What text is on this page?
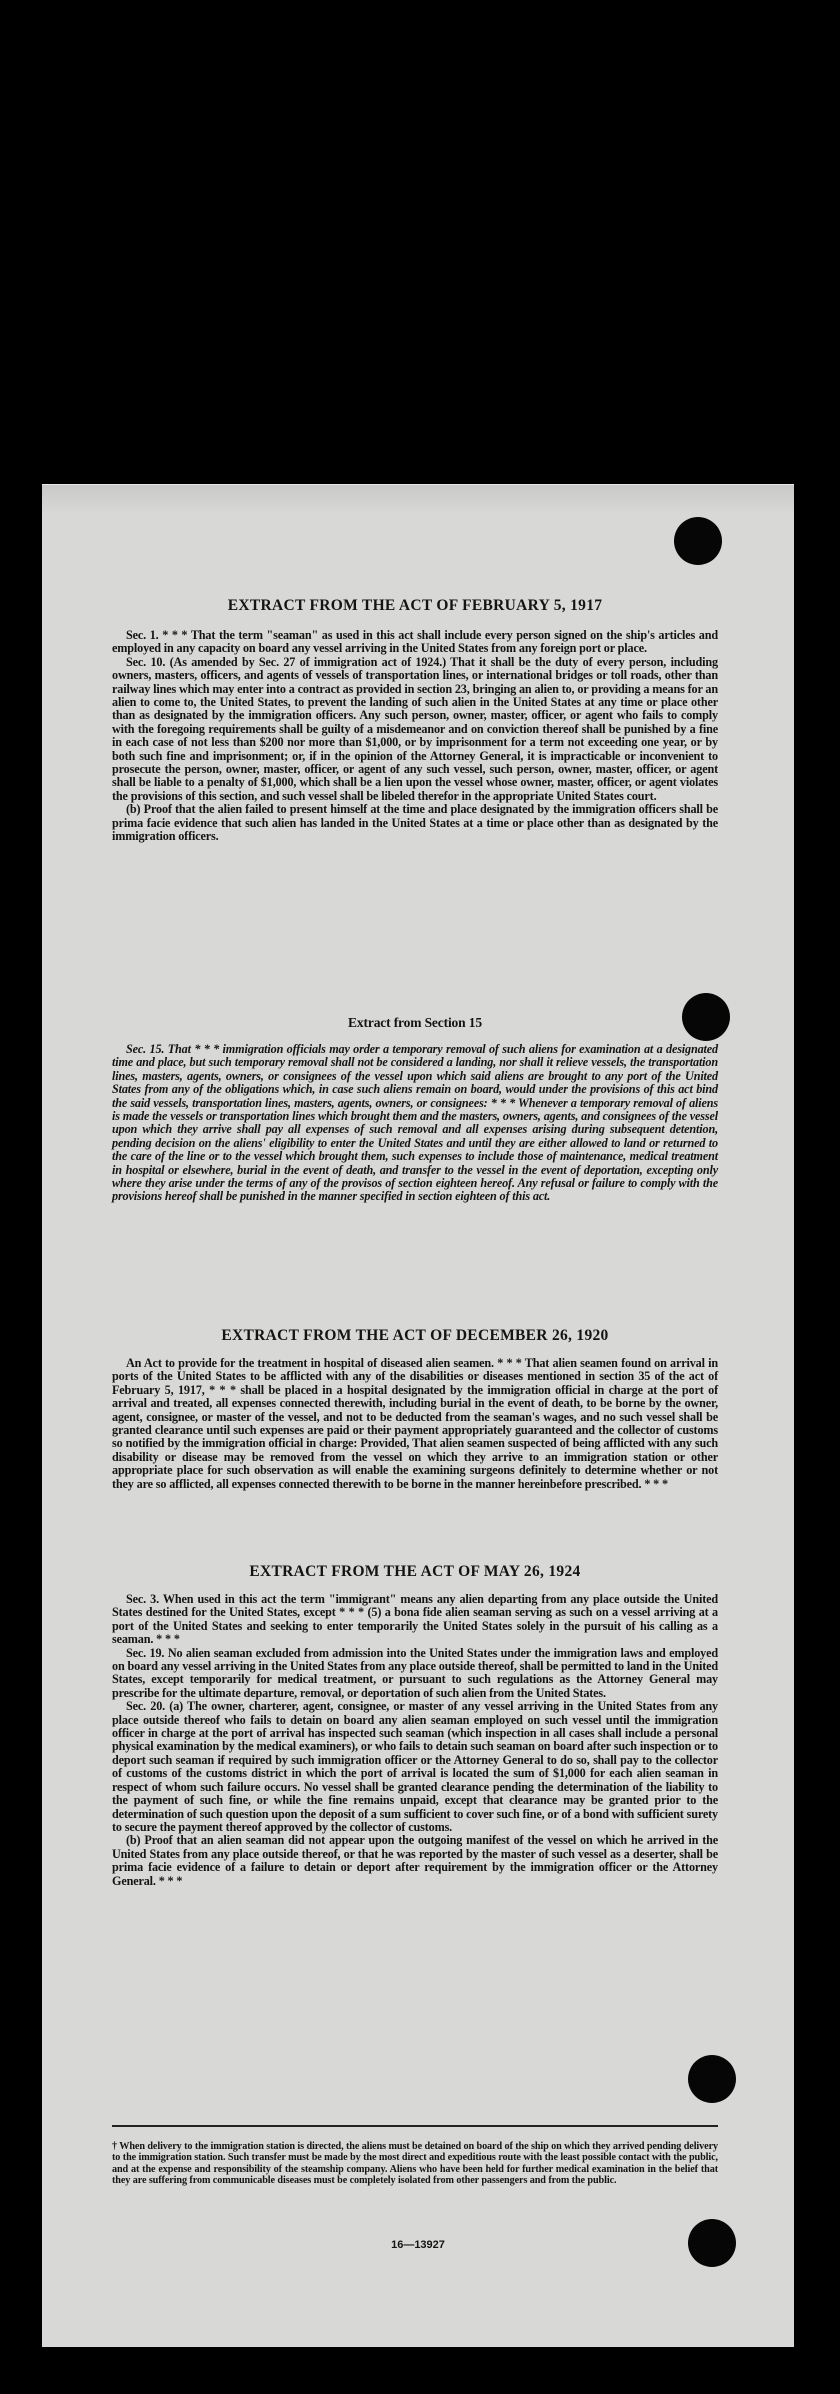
EXTRACT FROM THE ACT OF FEBRUARY 5, 1917

Sec. 1. * * * That the term "seaman" as used in this act shall include every person signed on the ship's articles and employed in any capacity on board any vessel arriving in the United States from any foreign port or place.

Sec. 10. (As amended by Sec. 27 of immigration act of 1924.) That it shall be the duty of every person, including owners, masters, officers, and agents of vessels of transportation lines, or international bridges or toll roads, other than railway lines which may enter into a contract as provided in section 23, bringing an alien to, or providing a means for an alien to come to, the United States, to prevent the landing of such alien in the United States at any time or place other than as designated by the immigration officers. Any such person, owner, master, officer, or agent who fails to comply with the foregoing requirements shall be guilty of a misdemeanor and on conviction thereof shall be punished by a fine in each case of not less than $200 nor more than $1,000, or by imprisonment for a term not exceeding one year, or by both such fine and imprisonment; or, if in the opinion of the Attorney General, it is impracticable or inconvenient to prosecute the person, owner, master, officer, or agent of any such vessel, such person, owner, master, officer, or agent shall be liable to a penalty of $1,000, which shall be a lien upon the vessel whose owner, master, officer, or agent violates the provisions of this section, and such vessel shall be libeled therefor in the appropriate United States court.

(b) Proof that the alien failed to present himself at the time and place designated by the immigration officers shall be prima facie evidence that such alien has landed in the United States at a time or place other than as designated by the immigration officers.

Extract from Section 15

Sec. 15. That * * * immigration officials may order a temporary removal of such aliens for examination at a designated time and place, but such temporary removal shall not be considered a landing, nor shall it relieve vessels, the transportation lines, masters, agents, owners, or consignees of the vessel upon which said aliens are brought to any port of the United States from any of the obligations which, in case such aliens remain on board, would under the provisions of this act bind the said vessels, transportation lines, masters, agents, owners, or consignees: * * * Whenever a temporary removal of aliens is made the vessels or transportation lines which brought them and the masters, owners, agents, and consignees of the vessel upon which they arrive shall pay all expenses of such removal and all expenses arising during subsequent detention, pending decision on the aliens' eligibility to enter the United States and until they are either allowed to land or returned to the care of the line or to the vessel which brought them, such expenses to include those of maintenance, medical treatment in hospital or elsewhere, burial in the event of death, and transfer to the vessel in the event of deportation, excepting only where they arise under the terms of any of the provisos of section eighteen hereof. Any refusal or failure to comply with the provisions hereof shall be punished in the manner specified in section eighteen of this act.

EXTRACT FROM THE ACT OF DECEMBER 26, 1920

An Act to provide for the treatment in hospital of diseased alien seamen. * * * That alien seamen found on arrival in ports of the United States to be afflicted with any of the disabilities or diseases mentioned in section 35 of the act of February 5, 1917, * * * shall be placed in a hospital designated by the immigration official in charge at the port of arrival and treated, all expenses connected therewith, including burial in the event of death, to be borne by the owner, agent, consignee, or master of the vessel, and not to be deducted from the seaman's wages, and no such vessel shall be granted clearance until such expenses are paid or their payment appropriately guaranteed and the collector of customs so notified by the immigration official in charge: Provided, That alien seamen suspected of being afflicted with any such disability or disease may be removed from the vessel on which they arrive to an immigration station or other appropriate place for such observation as will enable the examining surgeons definitely to determine whether or not they are so afflicted, all expenses connected therewith to be borne in the manner hereinbefore prescribed. * * *

EXTRACT FROM THE ACT OF MAY 26, 1924

Sec. 3. When used in this act the term "immigrant" means any alien departing from any place outside the United States destined for the United States, except * * * (5) a bona fide alien seaman serving as such on a vessel arriving at a port of the United States and seeking to enter temporarily the United States solely in the pursuit of his calling as a seaman. * * *

Sec. 19. No alien seaman excluded from admission into the United States under the immigration laws and employed on board any vessel arriving in the United States from any place outside thereof, shall be permitted to land in the United States, except temporarily for medical treatment, or pursuant to such regulations as the Attorney General may prescribe for the ultimate departure, removal, or deportation of such alien from the United States.

Sec. 20. (a) The owner, charterer, agent, consignee, or master of any vessel arriving in the United States from any place outside thereof who fails to detain on board any alien seaman employed on such vessel until the immigration officer in charge at the port of arrival has inspected such seaman (which inspection in all cases shall include a personal physical examination by the medical examiners), or who fails to detain such seaman on board after such inspection or to deport such seaman if required by such immigration officer or the Attorney General to do so, shall pay to the collector of customs of the customs district in which the port of arrival is located the sum of $1,000 for each alien seaman in respect of whom such failure occurs. No vessel shall be granted clearance pending the determination of the liability to the payment of such fine, or while the fine remains unpaid, except that clearance may be granted prior to the determination of such question upon the deposit of a sum sufficient to cover such fine, or of a bond with sufficient surety to secure the payment thereof approved by the collector of customs.

(b) Proof that an alien seaman did not appear upon the outgoing manifest of the vessel on which he arrived in the United States from any place outside thereof, or that he was reported by the master of such vessel as a deserter, shall be prima facie evidence of a failure to detain or deport after requirement by the immigration officer or the Attorney General. * * *

† When delivery to the immigration station is directed, the aliens must be detained on board of the ship on which they arrived pending delivery to the immigration station. Such transfer must be made by the most direct and expeditious route with the least possible contact with the public, and at the expense and responsibility of the steamship company. Aliens who have been held for further medical examination in the belief that they are suffering from communicable diseases must be completely isolated from other passengers and from the public.
16—13927
